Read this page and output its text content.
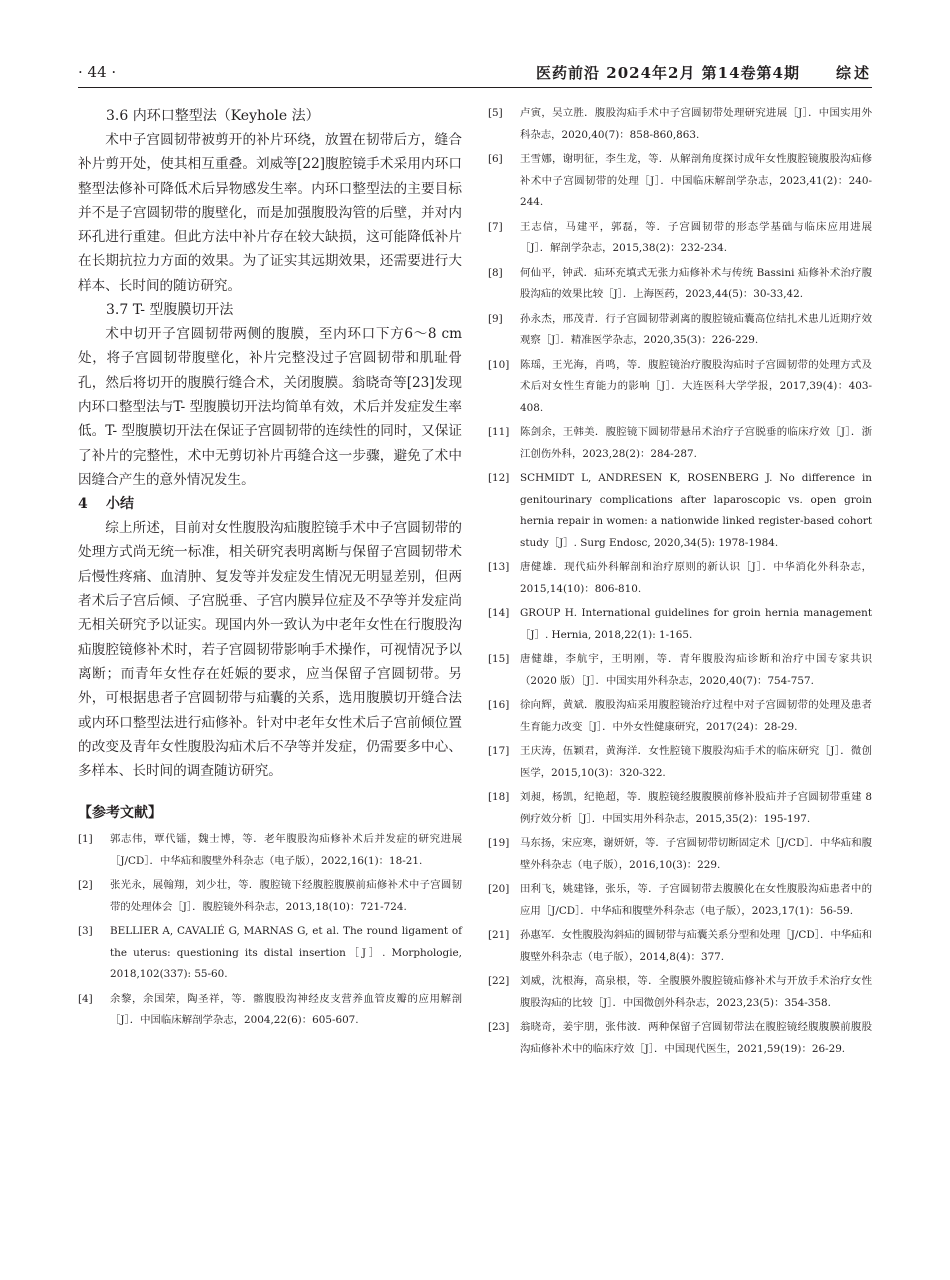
· 44 ·	医药前沿 2024年2月 第14卷第4期 综述

3.6 内环口整型法（Keyhole 法）

术中子宫圆韧带被剪开的补片环绕，放置在韧带后方，缝合补片剪开处，使其相互重叠。刘威等[22]腹腔镜手术采用内环口整型法修补可降低术后异物感发生率。内环口整型法的主要目标并不是子宫圆韧带的腹壁化，而是加强腹股沟管的后壁，并对内环孔进行重建。但此方法中补片存在较大缺损，这可能降低补片在长期抗拉力方面的效果。为了证实其远期效果，还需要进行大样本、长时间的随访研究。

3.7 T- 型腹膜切开法

术中切开子宫圆韧带两侧的腹膜，至内环口下方6～8 cm处，将子宫圆韧带腹壁化，补片完整没过子宫圆韧带和肌耻骨孔，然后将切开的腹膜行缝合术，关闭腹膜。翁晓奇等[23]发现内环口整型法与T- 型腹膜切开法均简单有效，术后并发症发生率低。T- 型腹膜切开法在保证子宫圆韧带的连续性的同时，又保证了补片的完整性，术中无剪切补片再缝合这一步骤，避免了术中因缝合产生的意外情况发生。

4 小结

综上所述，目前对女性腹股沟疝腹腔镜手术中子宫圆韧带的处理方式尚无统一标准，相关研究表明离断与保留子宫圆韧带术后慢性疼痛、血清肿、复发等并发症发生情况无明显差别，但两者术后子宫后倾、子宫脱垂、子宫内膜异位症及不孕等并发症尚无相关研究予以证实。现国内外一致认为中老年女性在行腹股沟疝腹腔镜修补术时，若子宫圆韧带影响手术操作，可视情况予以离断；而青年女性存在妊娠的要求，应当保留子宫圆韧带。另外，可根据患者子宫圆韧带与疝囊的关系，选用腹膜切开缝合法或内环口整型法进行疝修补。针对中老年女性术后子宫前倾位置的改变及青年女性腹股沟疝术后不孕等并发症，仍需要多中心、多样本、长时间的调查随访研究。

【参考文献】
[1] 郭志伟，覃代镭，魏士博，等．老年腹股沟疝修补术后并发症的研究进展［J/CD］．中华疝和腹壁外科杂志（电子版），2022,16(1)：18-21.
[2] 张光永，展翰翔，刘少壮，等．腹腔镜下经腹腔腹膜前疝修补术中子宫圆韧带的处理体会［J］．腹腔镜外科杂志，2013,18(10)：721-724.
[3] BELLIER A, CAVALIÉ G, MARNAS G, et al. The round ligament of the uterus: questioning its distal insertion［J］. Morphologie, 2018,102(337): 55-60.
[4] 余黎，余国荣，陶圣祥，等．髂腹股沟神经皮支营养血管皮瓣的应用解剖［J］．中国临床解剖学杂志，2004,22(6)：605-607.
[5] 卢寅，吴立胜．腹股沟疝手术中子宫圆韧带处理研究进展［J］．中国实用外科杂志，2020,40(7)：858-860,863.
[6] 王雪娜，谢明征，李生龙，等．从解剖角度探讨成年女性腹腔镜腹股沟疝修补术中子宫圆韧带的处理［J］．中国临床解剖学杂志，2023,41(2)：240-244.
[7] 王志信，马建平，郭磊，等．子宫圆韧带的形态学基础与临床应用进展［J］．解剖学杂志，2015,38(2)：232-234.
[8] 何仙平，钟武．疝环充填式无张力疝修补术与传统 Bassini 疝修补术治疗腹股沟疝的效果比较［J］．上海医药，2023,44(5)：30-33,42.
[9] 孙永杰，邢茂青．行子宫圆韧带剥离的腹腔镜疝囊高位结扎术患儿近期疗效观察［J］．精准医学杂志，2020,35(3)：226-229.
[10] 陈瑶，王光海，肖鸣，等．腹腔镜治疗腹股沟疝时子宫圆韧带的处理方式及术后对女性生育能力的影响［J］．大连医科大学学报，2017,39(4)：403-408.
[11] 陈剑余，王韩美．腹腔镜下圆韧带悬吊术治疗子宫脱垂的临床疗效［J］．浙江创伤外科，2023,28(2)：284-287.
[12] SCHMIDT L, ANDRESEN K, ROSENBERG J. No difference in genitourinary complications after laparoscopic vs. open groin hernia repair in women: a nationwide linked register-based cohort study［J］. Surg Endosc, 2020,34(5): 1978-1984.
[13] 唐健雄．现代疝外科解剖和治疗原则的新认识［J］．中华消化外科杂志，2015,14(10)：806-810.
[14] GROUP H. International guidelines for groin hernia management［J］. Hernia, 2018,22(1): 1-165.
[15] 唐健雄，李航宇，王明刚，等．青年腹股沟疝诊断和治疗中国专家共识（2020 版）［J］．中国实用外科杂志，2020,40(7)：754-757.
[16] 徐向辉，黄斌．腹股沟疝采用腹腔镜治疗过程中对子宫圆韧带的处理及患者生育能力改变［J］．中外女性健康研究，2017(24)：28-29.
[17] 王庆涛，伍颖君，黄海洋．女性腔镜下腹股沟疝手术的临床研究［J］．微创医学，2015,10(3)：320-322.
[18] 刘昶，杨凯，纪艳超，等．腹腔镜经腹腹膜前修补股疝并子宫圆韧带重建 8 例疗效分析［J］．中国实用外科杂志，2015,35(2)：195-197.
[19] 马东扬，宋应寒，谢妍妍，等．子宫圆韧带切断固定术［J/CD］．中华疝和腹壁外科杂志（电子版），2016,10(3)：229.
[20] 田利飞，姚建锋，张乐，等．子宫圆韧带去腹膜化在女性腹股沟疝患者中的应用［J/CD］．中华疝和腹壁外科杂志（电子版），2023,17(1)：56-59.
[21] 孙惠军．女性腹股沟斜疝的圆韧带与疝囊关系分型和处理［J/CD］．中华疝和腹壁外科杂志（电子版），2014,8(4)：377.
[22] 刘威，沈根海，高泉根，等．全腹膜外腹腔镜疝修补术与开放手术治疗女性腹股沟疝的比较［J］．中国微创外科杂志，2023,23(5)：354-358.
[23] 翁晓奇，姜宇朋，张伟波．两种保留子宫圆韧带法在腹腔镜经腹腹膜前腹股沟疝修补术中的临床疗效［J］．中国现代医生，2021,59(19)：26-29.
